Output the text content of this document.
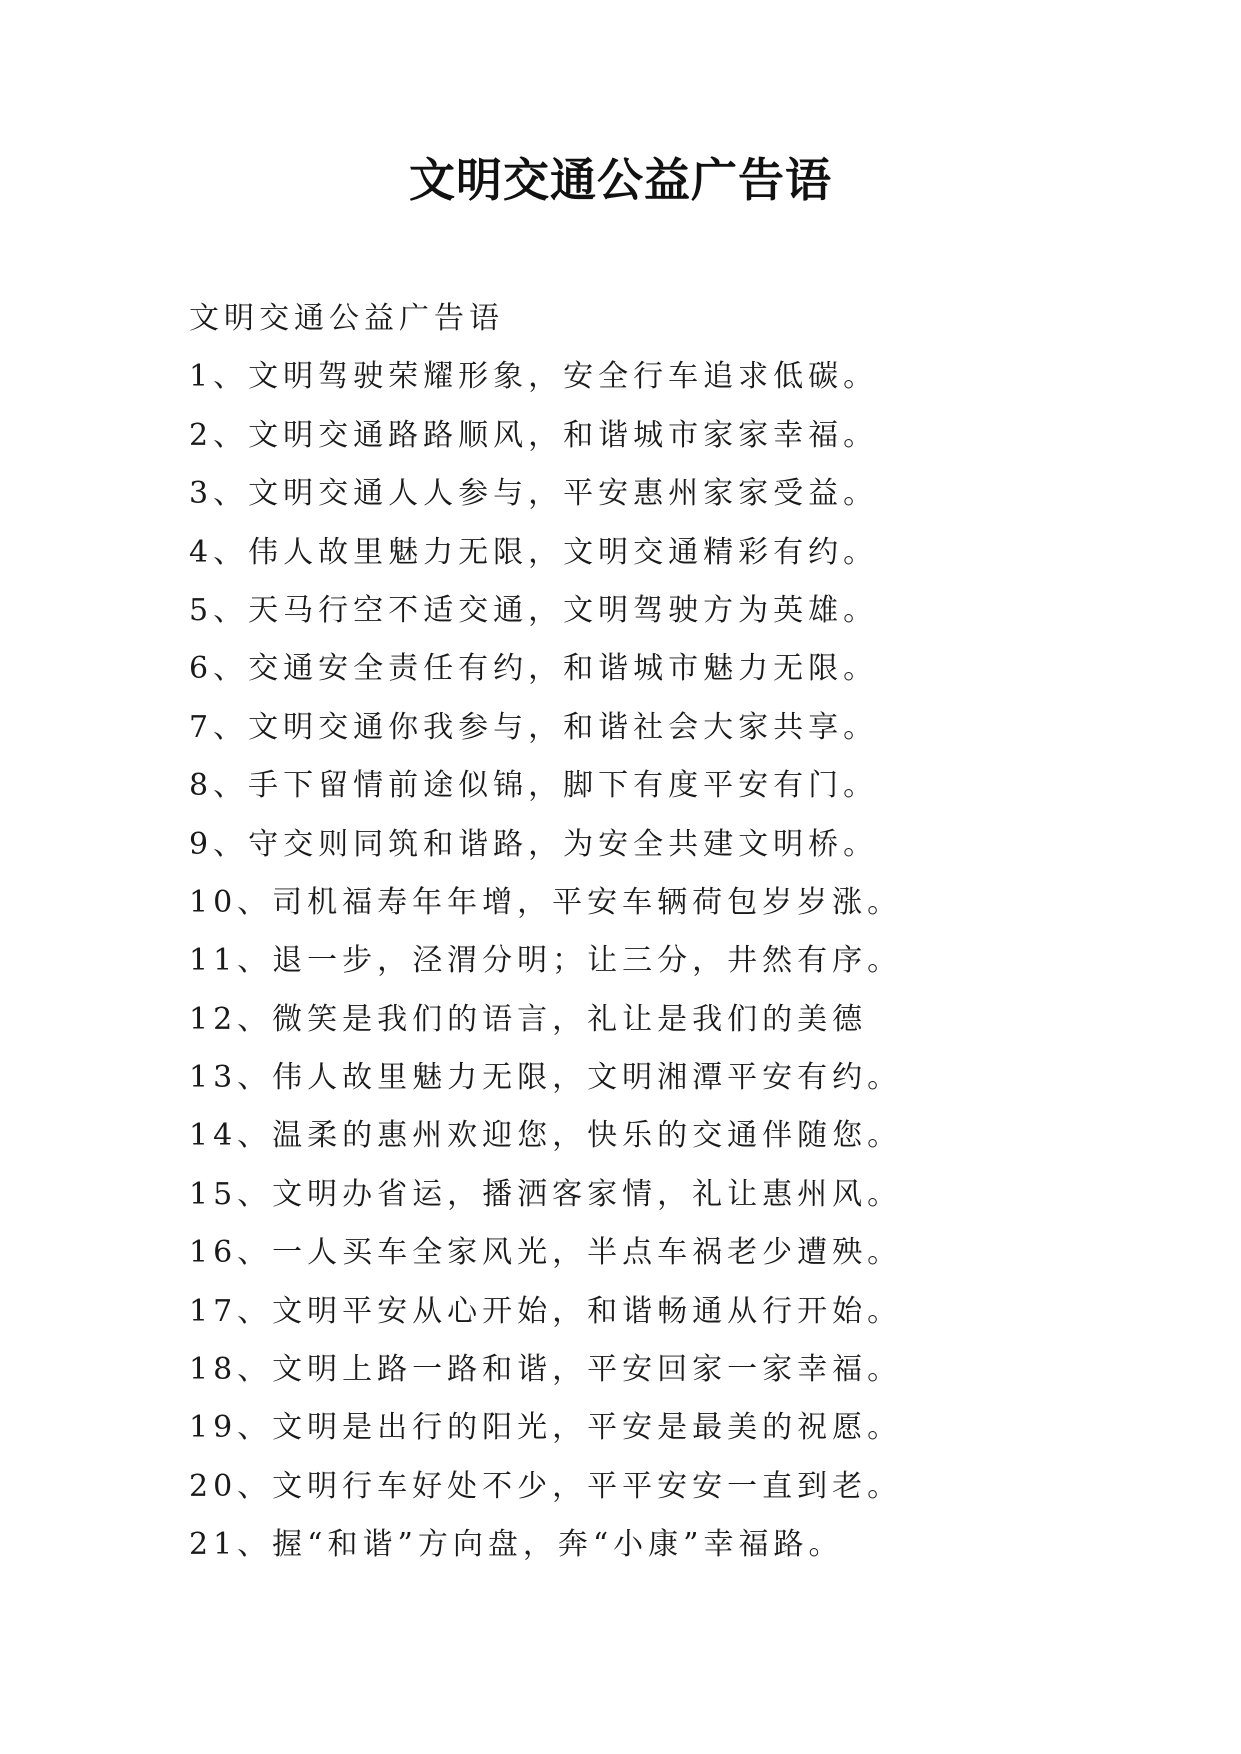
文明交通公益广告语
文明交通公益广告语
1、文明驾驶荣耀形象，安全行车追求低碳。
2、文明交通路路顺风，和谐城市家家幸福。
3、文明交通人人参与，平安惠州家家受益。
4、伟人故里魅力无限，文明交通精彩有约。
5、天马行空不适交通，文明驾驶方为英雄。
6、交通安全责任有约，和谐城市魅力无限。
7、文明交通你我参与，和谐社会大家共享。
8、手下留情前途似锦，脚下有度平安有门。
9、守交则同筑和谐路，为安全共建文明桥。
10、司机福寿年年增，平安车辆荷包岁岁涨。
11、退一步，泾渭分明；让三分，井然有序。
12、微笑是我们的语言，礼让是我们的美德
13、伟人故里魅力无限，文明湘潭平安有约。
14、温柔的惠州欢迎您，快乐的交通伴随您。
15、文明办省运，播洒客家情，礼让惠州风。
16、一人买车全家风光，半点车祸老少遭殃。
17、文明平安从心开始，和谐畅通从行开始。
18、文明上路一路和谐，平安回家一家幸福。
19、文明是出行的阳光，平安是最美的祝愿。
20、文明行车好处不少，平平安安一直到老。
21、握“和谐”方向盘，奔“小康”幸福路。
